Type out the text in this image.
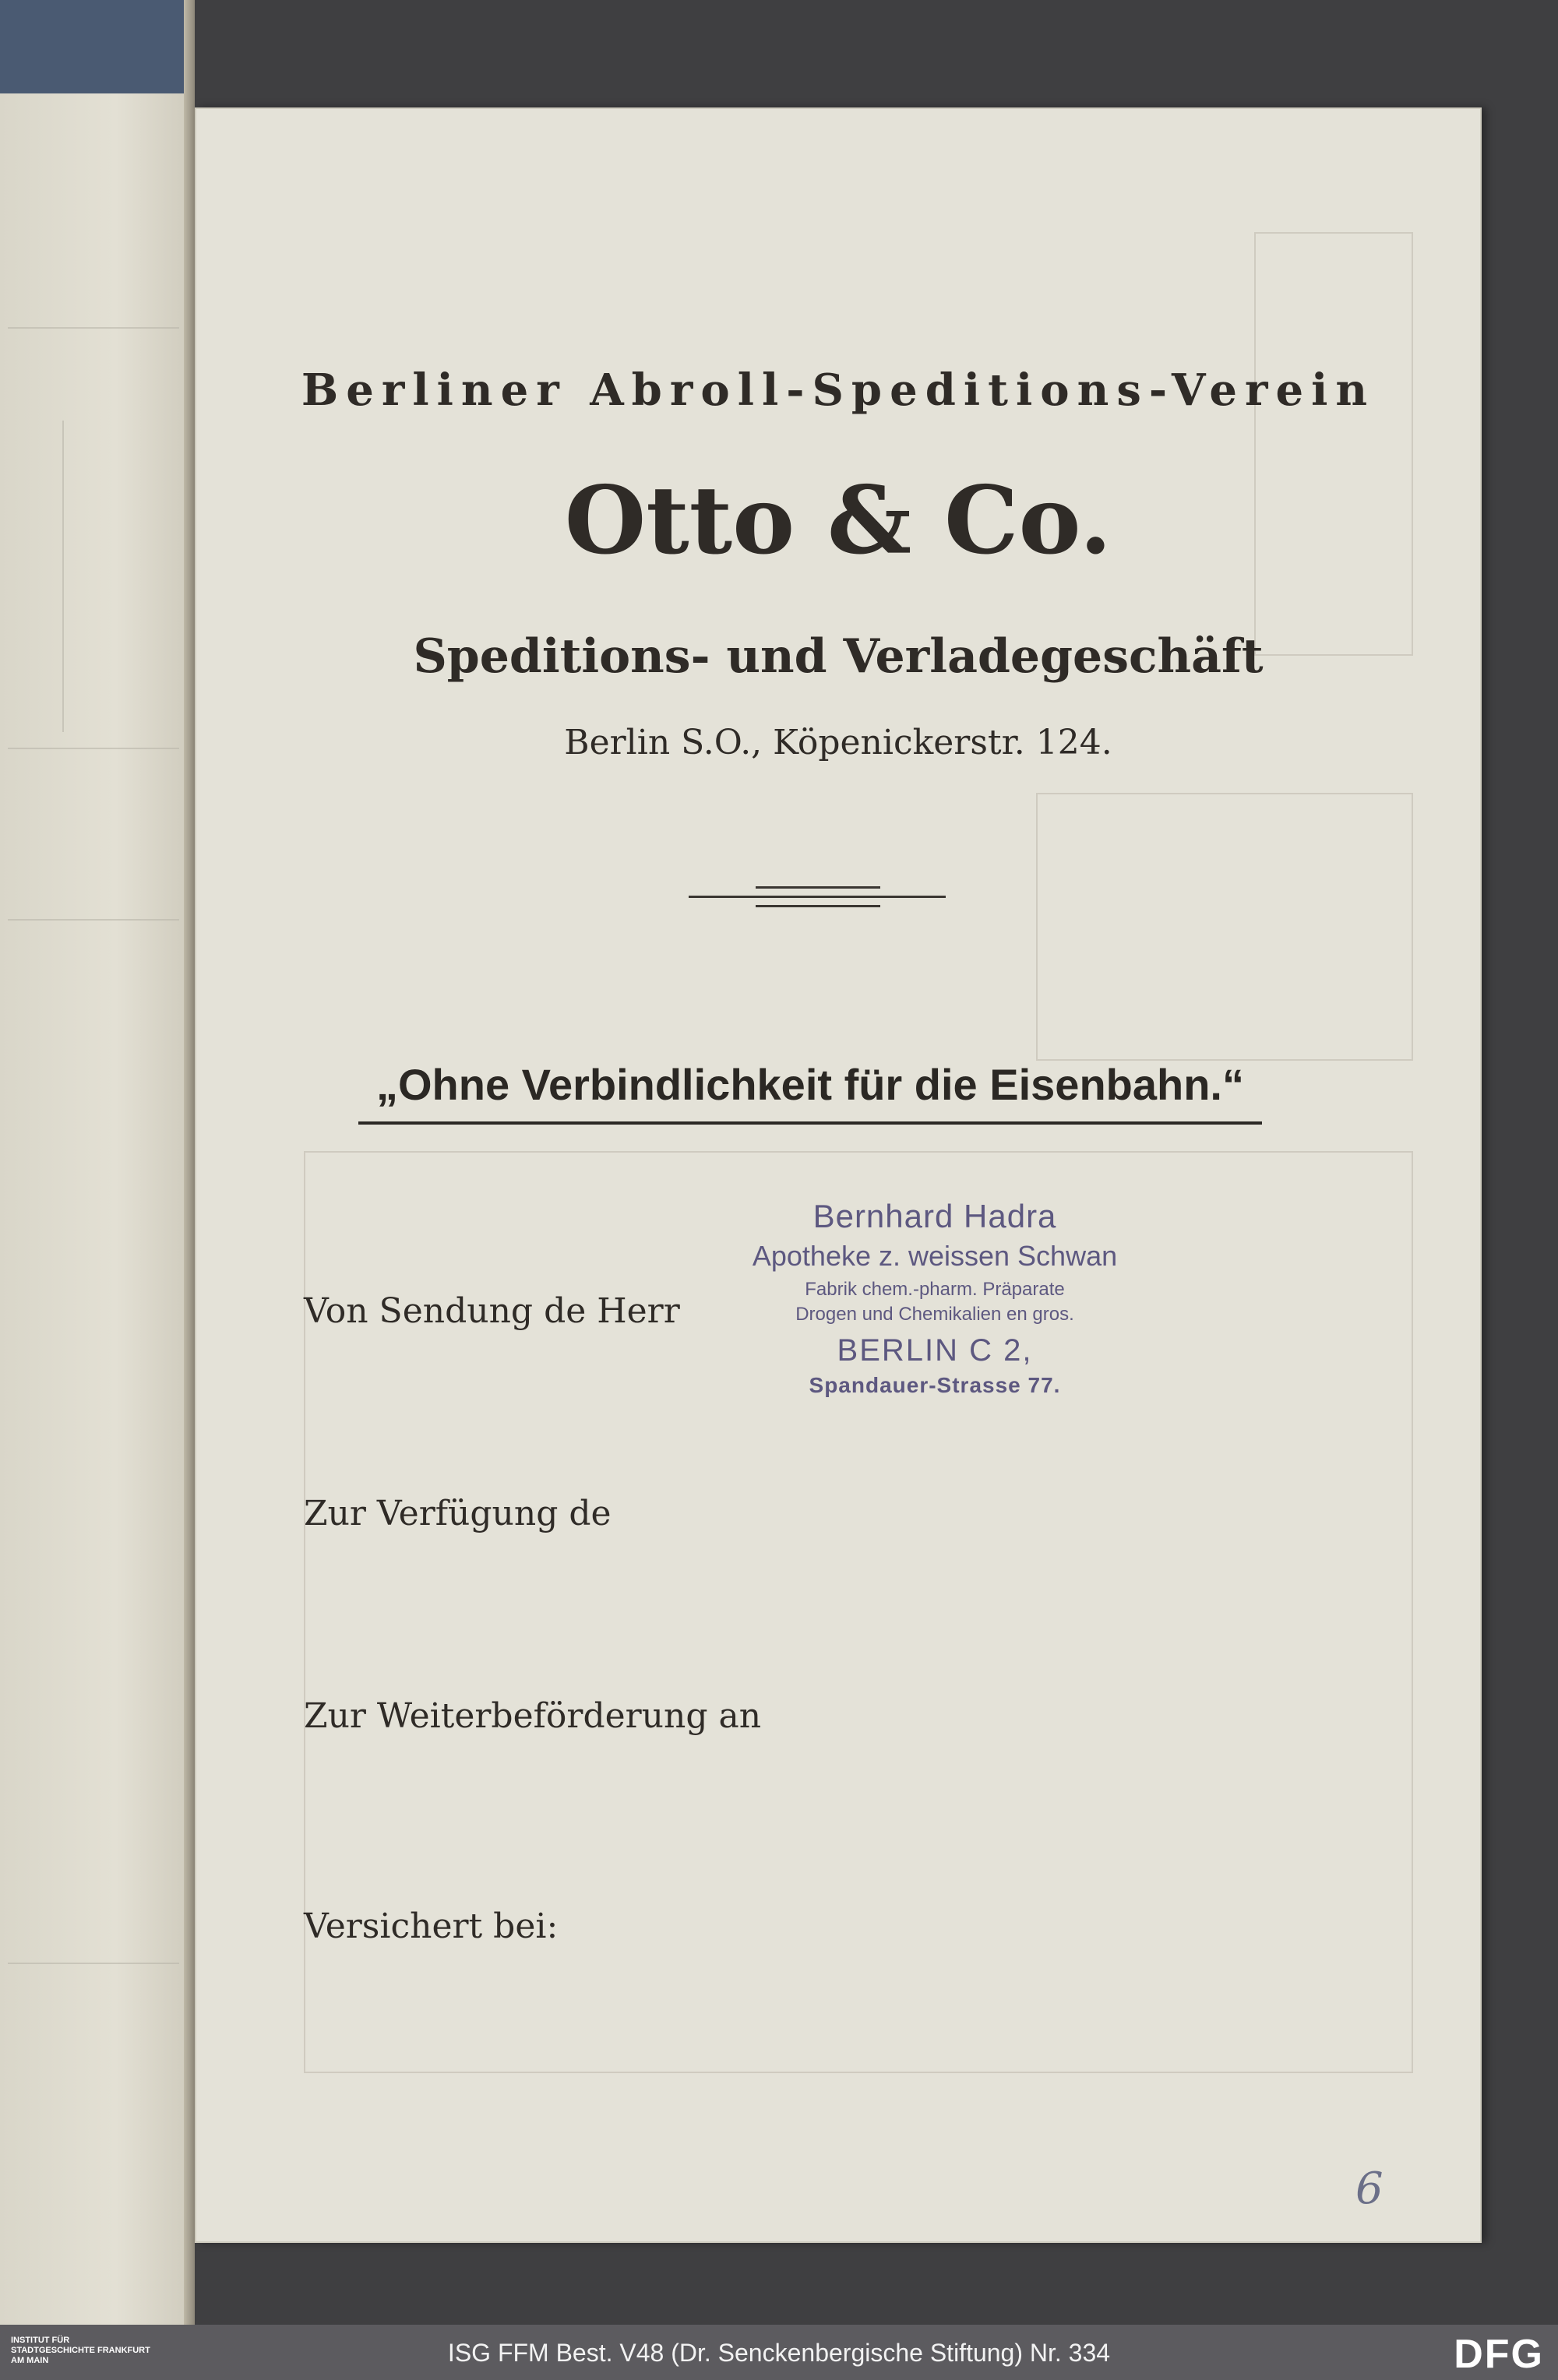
Berliner Abroll-Speditions-Verein
Otto & Co.
Speditions- und Verladegeschäft
Berlin S.O., Köpenickerstr. 124.
„Ohne Verbindlichkeit für die Eisenbahn.“
Von Sendung de Herr
Zur Verfügung de
Zur Weiterbeförderung an
Versichert bei:
Bernhard Hadra
Apotheke z. weissen Schwan
Fabrik chem.-pharm. Präparate
Drogen und Chemikalien en gros.
BERLIN C 2,
Spandauer-Strasse 77.
6
INSTITUT FÜR STADTGESCHICHTE FRANKFURT AM MAIN	ISG FFM Best. V48 (Dr. Senckenbergische Stiftung) Nr. 334	DFG
